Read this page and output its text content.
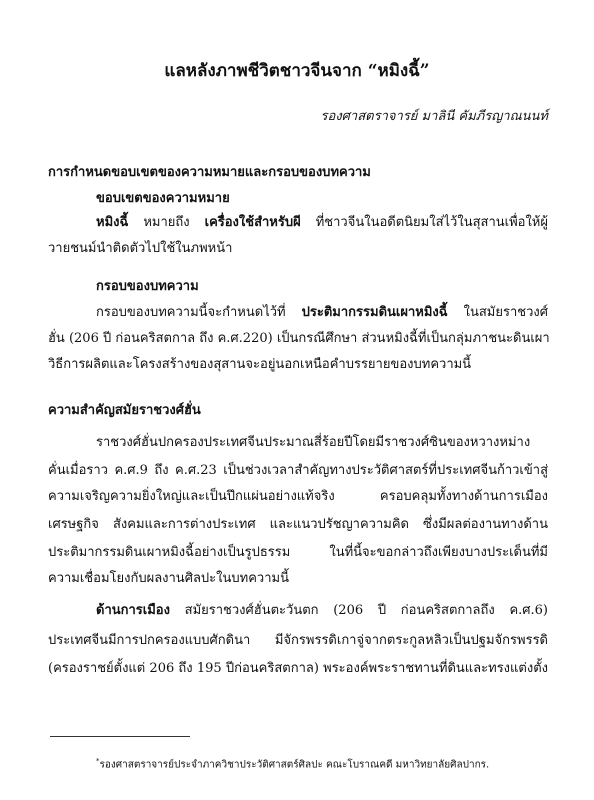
แลหลังภาพชีวิตชาวจีนจาก “หมิงฉี้”
รองศาสตราจารย์ มาลินี คัมภีรญาณนนท์
การกำหนดขอบเขตของความหมายและกรอบของบทความ
ขอบเขตของความหมาย
หมิงฉี้ หมายถึง เครื่องใช้สำหรับผี ที่ชาวจีนในอดีตนิยมใส่ไว้ในสุสานเพื่อให้ผู้
วายชนม์นำติดตัวไปใช้ในภพหน้า
กรอบของบทความ
กรอบของบทความนี้จะกำหนดไว้ที่ ประติมากรรมดินเผาหมิงฉี้ ในสมัยราชวงศ์
ฮั่น (206 ปี ก่อนคริสตกาล ถึง ค.ศ.220) เป็นกรณีศึกษา ส่วนหมิงฉี้ที่เป็นกลุ่มภาชนะดินเผา
วิธีการผลิตและโครงสร้างของสุสานจะอยู่นอกเหนือคำบรรยายของบทความนี้
ความสำคัญสมัยราชวงศ์ฮั่น
ราชวงศ์ฮั่นปกครองประเทศจีนประมาณสี่ร้อยปีโดยมีราชวงศ์ซินของหวางหม่าง
คั่นเมื่อราว ค.ศ.9 ถึง ค.ศ.23 เป็นช่วงเวลาสำคัญทางประวัติศาสตร์ที่ประเทศจีนก้าวเข้าสู่
ความเจริญความยิ่งใหญ่และเป็นปึกแผ่นอย่างแท้จริง ครอบคลุมทั้งทางด้านการเมือง
เศรษฐกิจ สังคมและการต่างประเทศ และแนวปรัชญาความคิด ซึ่งมีผลต่องานทางด้าน
ประติมากรรมดินเผาหมิงฉี้อย่างเป็นรูปธรรม ในที่นี้จะขอกล่าวถึงเพียงบางประเด็นที่มี
ความเชื่อมโยงกับผลงานศิลปะในบทความนี้
ด้านการเมือง สมัยราชวงศ์ฮั่นตะวันตก (206 ปี ก่อนคริสตกาลถึง ค.ศ.6)
ประเทศจีนมีการปกครองแบบศักดินา มีจักรพรรดิเกาจู่จากตระกูลหลิวเป็นปฐมจักรพรรดิ
(ครองราชย์ตั้งแต่ 206 ถึง 195 ปีก่อนคริสตกาล) พระองค์พระราชทานที่ดินและทรงแต่งตั้ง
*รองศาสตราจารย์ประจำภาควิชาประวัติศาสตร์ศิลปะ คณะโบราณคดี มหาวิทยาลัยศิลปากร.
